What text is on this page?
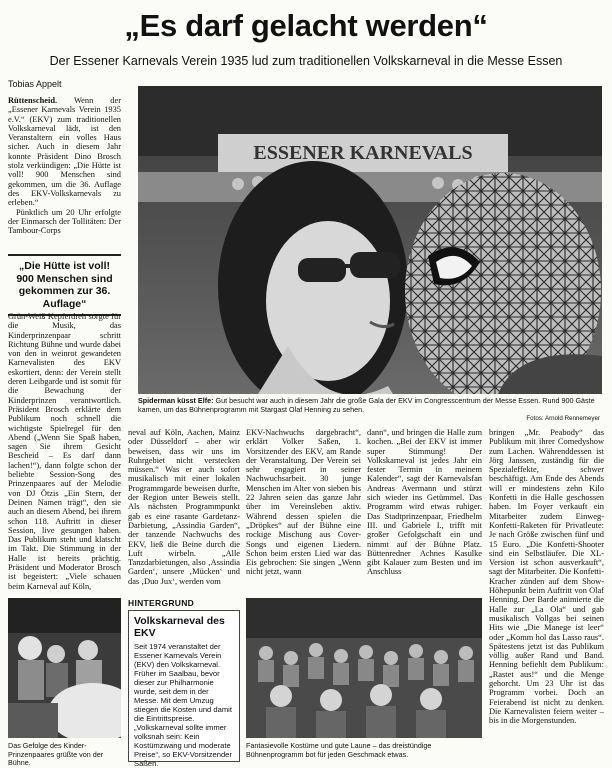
„Es darf gelacht werden“
Der Essener Karnevals Verein 1935 lud zum traditionellen Volkskarneval in die Messe Essen
Tobias Appelt

Rüttenscheid. Wenn der „Essener Karnevals Verein 1935 e.V.“ (EKV) zum traditionellen Volkskarneval lädt, ist den Veranstaltern ein volles Haus sicher. Auch in diesem Jahr konnte Präsident Dino Brosch stolz verkündigen: „Die Hütte ist voll! 900 Menschen sind gekommen, um die 36. Auflage des EKV-Volkskarnevals zu erleben.“

Pünktlich um 20 Uhr erfolgte der Einmarsch der Tollitäten: Der Tambour-Corps

„Die Hütte ist voll! 900 Menschen sind gekommen zur 36. Auflage“
Grün-Weiß Kepferdreh sorgte für die Musik, das Kinderprinzenpaar schritt Richtung Bühne und wurde dabei von den in weinrot gewandeten Karnevalisten des EKV eskortiert, denn: der Verein stellt deren Leibgarde und ist somit für die Bewachung der Kinderprinzen verantwortlich. Präsident Brosch erklärte dem Publikum noch schnell die wichtigste Spielregel für den Abend („Wenn Sie Spaß haben, sagen Sie ihrem Gesicht Bescheid – Es darf dann lachen!“), dann folgte schon der beliebte Session-Song des Prinzenpaares auf der Melodie von DJ Ötzis „Ein Stern, der Deinen Namen trägt“, den sie auch an diesem Abend, bei ihrem schon 118. Auftritt in dieser Session, live gesungen haben. Das Publikum steht und klatscht im Takt. Die Stimmung in der Halle ist bereits prächtig. Präsident und Moderator Brosch ist begeistert: „Viele schauen beim Karneval auf Köln,
ESSENER KARNEVALS
Spiderman küsst Elfe: Gut besucht war auch in diesem Jahr die große Gala der EKV im Congresscentrum der Messe Essen. Rund 900 Gäste kamen, um das Bühnenprogramm mit Stargast Olaf Henning zu sehen.
Fotos: Arnold Rennemeyer
neval auf Köln, Aachen, Mainz oder Düsseldorf – aber wir beweisen, dass wir uns im Ruhrgebiet nicht verstecken müssen.“ Was er auch sofort musikalisch mit einer lokalen Programmgarde beweisen durfte, der Region unter Beweis stellt. Als nächsten Programmpunkt gab es eine rasante Gardetanz-Darbietung, „Assindia Garden“, der tanzende Nachwuchs des EKV, ließ die Beine durch die Luft wirbeln. „Alle Tanzdarbietungen, also ‚Assindia Garden‘, unsere ‚Mücken‘ und das ‚Duo Jux‘, werden vom
EKV-Nachwuchs dargebracht“, erklärt Volker Saßen, 1. Vorsitzender des EKV, am Rande der Veranstaltung. Der Verein sei sehr engagiert in seiner Nachwuchsarbeit. 30 junge Menschen im Alter von sieben bis 22 Jahren seien das ganze Jahr über im Vereinsleben aktiv. Während dessen spielen die „Dröpkes“ auf der Bühne eine rockige Mischung aus Cover-Songs und eigenen Liedern. Schon beim ersten Lied war das Eis gebrochen: Sie singen „Wenn nicht jetzt, wann
dann“, und bringen die Halle zum kochen. „Bei der EKV ist immer super Stimmung! Der Volkskarneval ist jedes Jahr ein fester Termin in meinem Kalender“, sagt der Karnevalsfan Andreas Avermann und stürzt sich wieder ins Getümmel. Das Programm wird etwas ruhiger. Das Stadtprinzenpaar, Friedhelm III. und Gabriele I., trifft mit großer Gefolgschaft ein und nimmt auf der Bühne Platz. Büttenredner Achnes Kasulke gibt Kalauer zum Besten und im Anschluss
bringen „Mr. Peabody“ das Publikum mit ihrer Comedyshow zum Lachen. Währenddessen ist Jörg Janssen, zuständig für die Spezialeffekte, schwer beschäftigt. Am Ende des Abends will er mindestens zehn Kilo Konfetti in die Halle geschossen haben. Im Foyer verkauft ein Mitarbeiter zudem Einweg-Konfetti-Raketen für Privatleute: Je nach Größe zwischen fünf und 15 Euro. „Die Konfetti-Shooter sind ein Selbstläufer. Die XL-Version ist schon ausverkauft“, sagt der Mitarbeiter. Die Konfetti-Kracher zünden auf dem Show-Höhepunkt beim Auftritt von Olaf Henning. Der Barde animierte die Halle zur „La Ola“ und gab musikalisch Vollgas bei seinen Hits wie „Die Manege ist leer“ oder „Komm hol das Lasso raus“. Spätestens jetzt ist das Publikum völlig außer Rand und Band. Henning befiehlt dem Publikum: „Rastet aus!“ und die Menge gehorcht. Um 23 Uhr ist das Programm vorbei. Doch an Feierabend ist nicht zu denken. Die Karnevalisten feiern weiter – bis in die Morgenstunden.
Das Gefolge des Kinder-Prinzenpaares grüßte von der Bühne.
HINTERGRUND
Volkskarneval des EKV
Seit 1974 veranstaltet der Essener Karnevals Verein (EKV) den Volkskarneval. Früher im Saalbau, bevor dieser zur Philharmonie wurde, seit dem in der Messe. Mit dem Umzug stiegen die Kosten und damit die Eintrittspreise. „Volkskarneval sollte immer volksnah sein: Kein Kostümzwang und moderate Preise“, so EKV-Vorsitzender Saßen.
Fantasievolle Kostüme und gute Laune – das dreistündige Bühnenprogramm bot für jeden Geschmack etwas.
